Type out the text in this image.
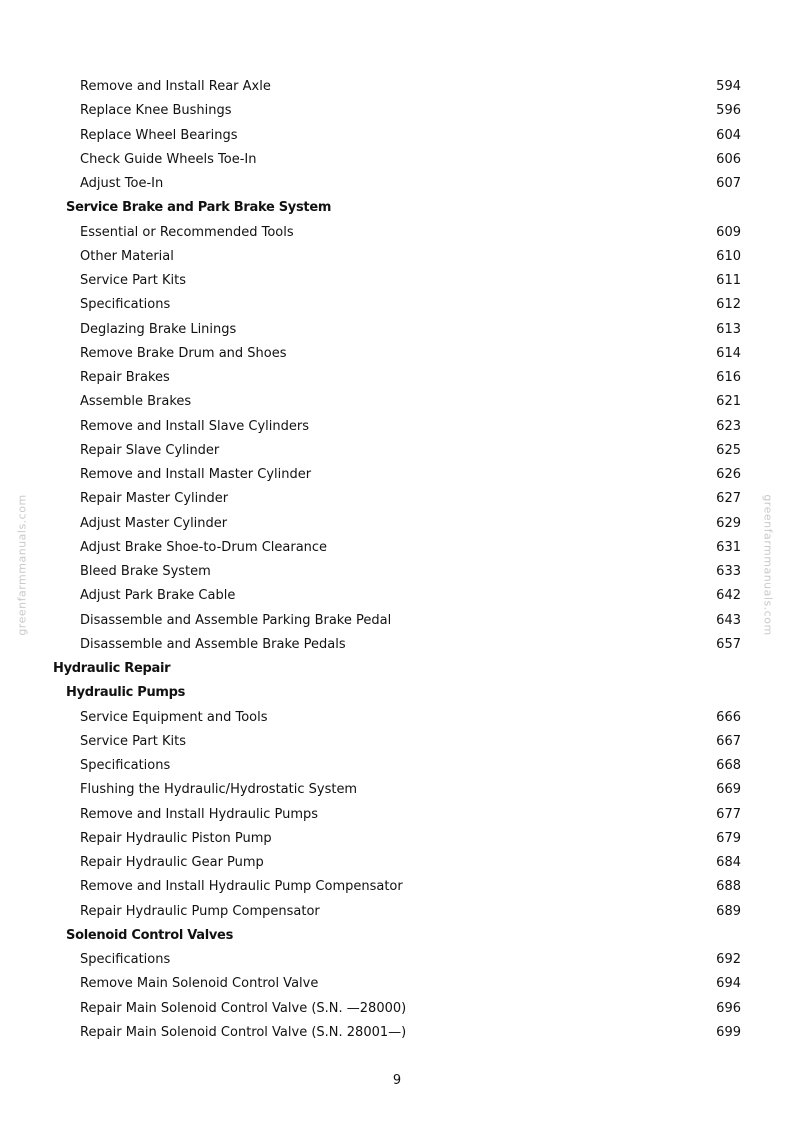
Remove and Install Rear Axle	594
Replace Knee Bushings	596
Replace Wheel Bearings	604
Check Guide Wheels Toe-In	606
Adjust Toe-In	607
Service Brake and Park Brake System
Essential or Recommended Tools	609
Other Material	610
Service Part Kits	611
Specifications	612
Deglazing Brake Linings	613
Remove Brake Drum and Shoes	614
Repair Brakes	616
Assemble Brakes	621
Remove and Install Slave Cylinders	623
Repair Slave Cylinder	625
Remove and Install Master Cylinder	626
Repair Master Cylinder	627
Adjust Master Cylinder	629
Adjust Brake Shoe-to-Drum Clearance	631
Bleed Brake System	633
Adjust Park Brake Cable	642
Disassemble and Assemble Parking Brake Pedal	643
Disassemble and Assemble Brake Pedals	657
Hydraulic Repair
Hydraulic Pumps
Service Equipment and Tools	666
Service Part Kits	667
Specifications	668
Flushing the Hydraulic/Hydrostatic System	669
Remove and Install Hydraulic Pumps	677
Repair Hydraulic Piston Pump	679
Repair Hydraulic Gear Pump	684
Remove and Install Hydraulic Pump Compensator	688
Repair Hydraulic Pump Compensator	689
Solenoid Control Valves
Specifications	692
Remove Main Solenoid Control Valve	694
Repair Main Solenoid Control Valve (S.N. —28000)	696
Repair Main Solenoid Control Valve (S.N. 28001—)	699
greenfarmmanuals.com	greenfarmmanuals.com
9
